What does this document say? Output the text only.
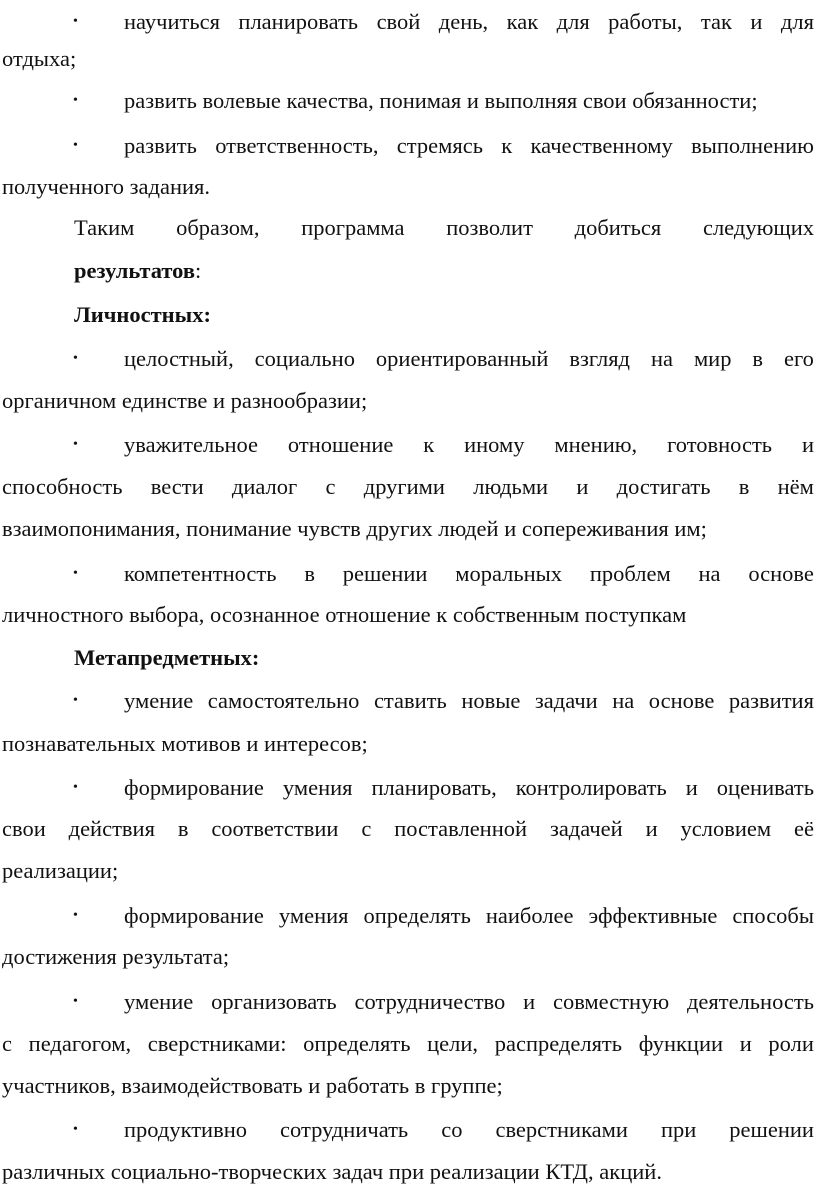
• научиться планировать свой день, как для работы, так и для
отдыха;
• развить волевые качества, понимая и выполняя свои обязанности;
• развить ответственность, стремясь к качественному выполнению
полученного задания.
Таким образом, программа позволит добиться следующих
результатов:
Личностных:
• целостный, социально ориентированный взгляд на мир в его
органичном единстве и разнообразии;
• уважительное отношение к иному мнению, готовность и
способность вести диалог с другими людьми и достигать в нём
взаимопонимания, понимание чувств других людей и сопереживания им;
• компетентность в решении моральных проблем на основе
личностного выбора, осознанное отношение к собственным поступкам
Метапредметных:
• умение самостоятельно ставить новые задачи на основе развития
познавательных мотивов и интересов;
• формирование умения планировать, контролировать и оценивать
свои действия в соответствии с поставленной задачей и условием её
реализации;
• формирование умения определять наиболее эффективные способы
достижения результата;
• умение организовать сотрудничество и совместную деятельность
с педагогом, сверстниками: определять цели, распределять функции и роли
участников, взаимодействовать и работать в группе;
• продуктивно сотрудничать со сверстниками при решении
различных социально-творческих задач при реализации КТД, акций.
